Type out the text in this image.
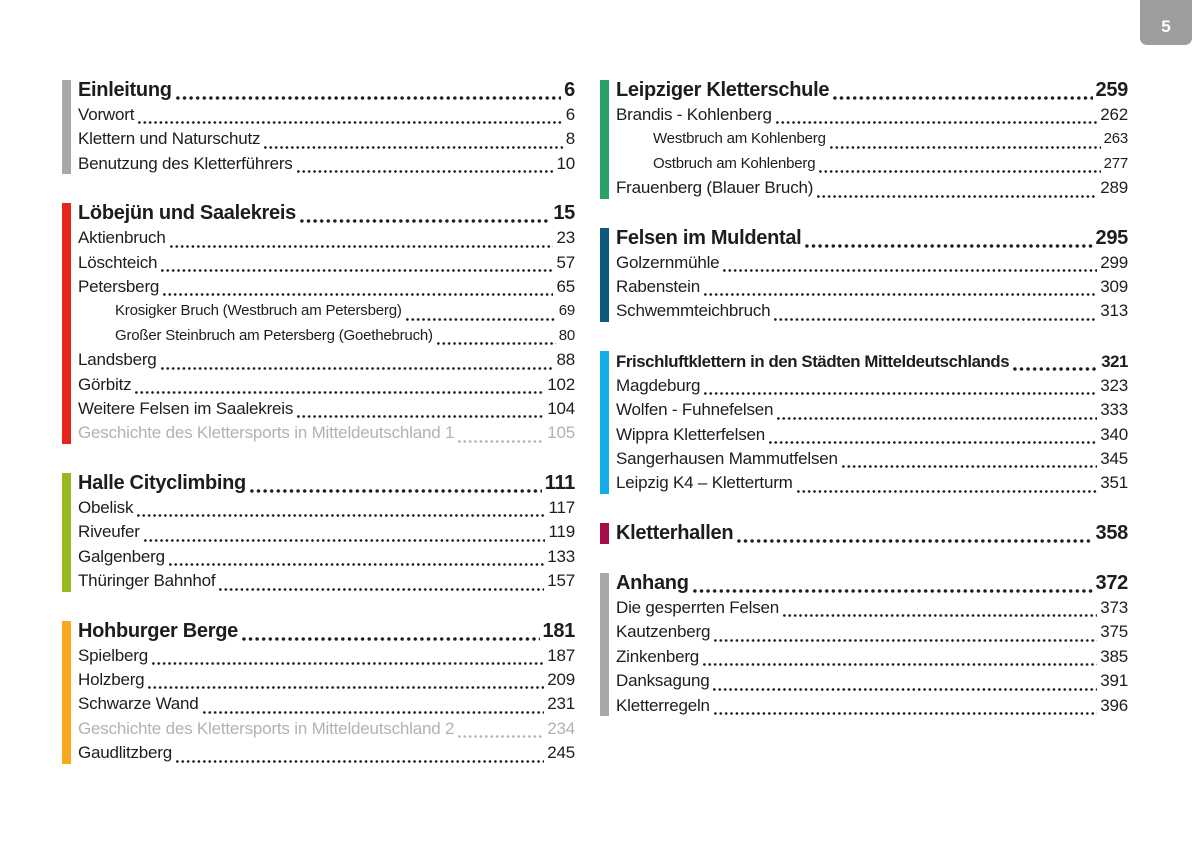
5
Einleitung	6
Vorwort	6
Klettern und Naturschutz	8
Benutzung des Kletterführers	10
Löbejün und Saalekreis	15
Aktienbruch	23
Löschteich	57
Petersberg	65
Krosigker Bruch (Westbruch am Petersberg)	69
Großer Steinbruch am Petersberg (Goethebruch)	80
Landsberg	88
Görbitz	102
Weitere Felsen im Saalekreis	104
Geschichte des Klettersports in Mitteldeutschland 1	105
Halle Cityclimbing	111
Obelisk	117
Riveufer	119
Galgenberg	133
Thüringer Bahnhof	157
Hohburger Berge	181
Spielberg	187
Holzberg	209
Schwarze Wand	231
Geschichte des Klettersports in Mitteldeutschland 2	234
Gaudlitzberg	245
Leipziger Kletterschule	259
Brandis - Kohlenberg	262
Westbruch am Kohlenberg	263
Ostbruch am Kohlenberg	277
Frauenberg (Blauer Bruch)	289
Felsen im Muldental	295
Golzernmühle	299
Rabenstein	309
Schwemmteichbruch	313
Frischluftklettern in den Städten Mitteldeutschlands	321
Magdeburg	323
Wolfen - Fuhnefelsen	333
Wippra Kletterfelsen	340
Sangerhausen Mammutfelsen	345
Leipzig K4 – Kletterturm	351
Kletterhallen	358
Anhang	372
Die gesperrten Felsen	373
Kautzenberg	375
Zinkenberg	385
Danksagung	391
Kletterregeln	396
